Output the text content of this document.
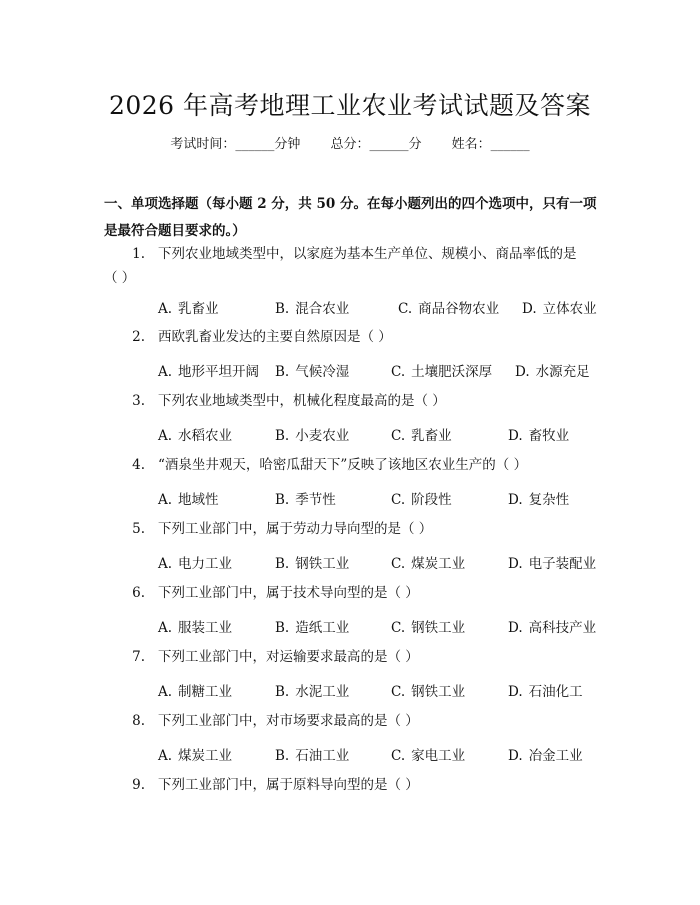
2026 年高考地理工业农业考试试题及答案
考试时间：______分钟 总分：______分 姓名：______
一、单项选择题（每小题 2 分，共 50 分。在每小题列出的四个选项中，只有一项是最符合题目要求的。）
1. 下列农业地域类型中，以家庭为基本生产单位、规模小、商品率低的是
（ ）
A. 乳畜业	B. 混合农业	C. 商品谷物农业 D. 立体农业
2. 西欧乳畜业发达的主要自然原因是（ ）
A. 地形平坦开阔 B. 气候冷湿	C. 土壤肥沃深厚 D. 水源充足
3. 下列农业地域类型中，机械化程度最高的是（ ）
A. 水稻农业	B. 小麦农业	C. 乳畜业	D. 畜牧业
4. “酒泉坐井观天，哈密瓜甜天下”反映了该地区农业生产的（ ）
A. 地域性	B. 季节性	C. 阶段性	D. 复杂性
5. 下列工业部门中，属于劳动力导向型的是（ ）
A. 电力工业	B. 钢铁工业	C. 煤炭工业	D. 电子装配业
6. 下列工业部门中，属于技术导向型的是（ ）
A. 服装工业	B. 造纸工业	C. 钢铁工业	D. 高科技产业
7. 下列工业部门中，对运输要求最高的是（ ）
A. 制糖工业	B. 水泥工业	C. 钢铁工业	D. 石油化工
8. 下列工业部门中，对市场要求最高的是（ ）
A. 煤炭工业	B. 石油工业	C. 家电工业	D. 冶金工业
9. 下列工业部门中，属于原料导向型的是（ ）
